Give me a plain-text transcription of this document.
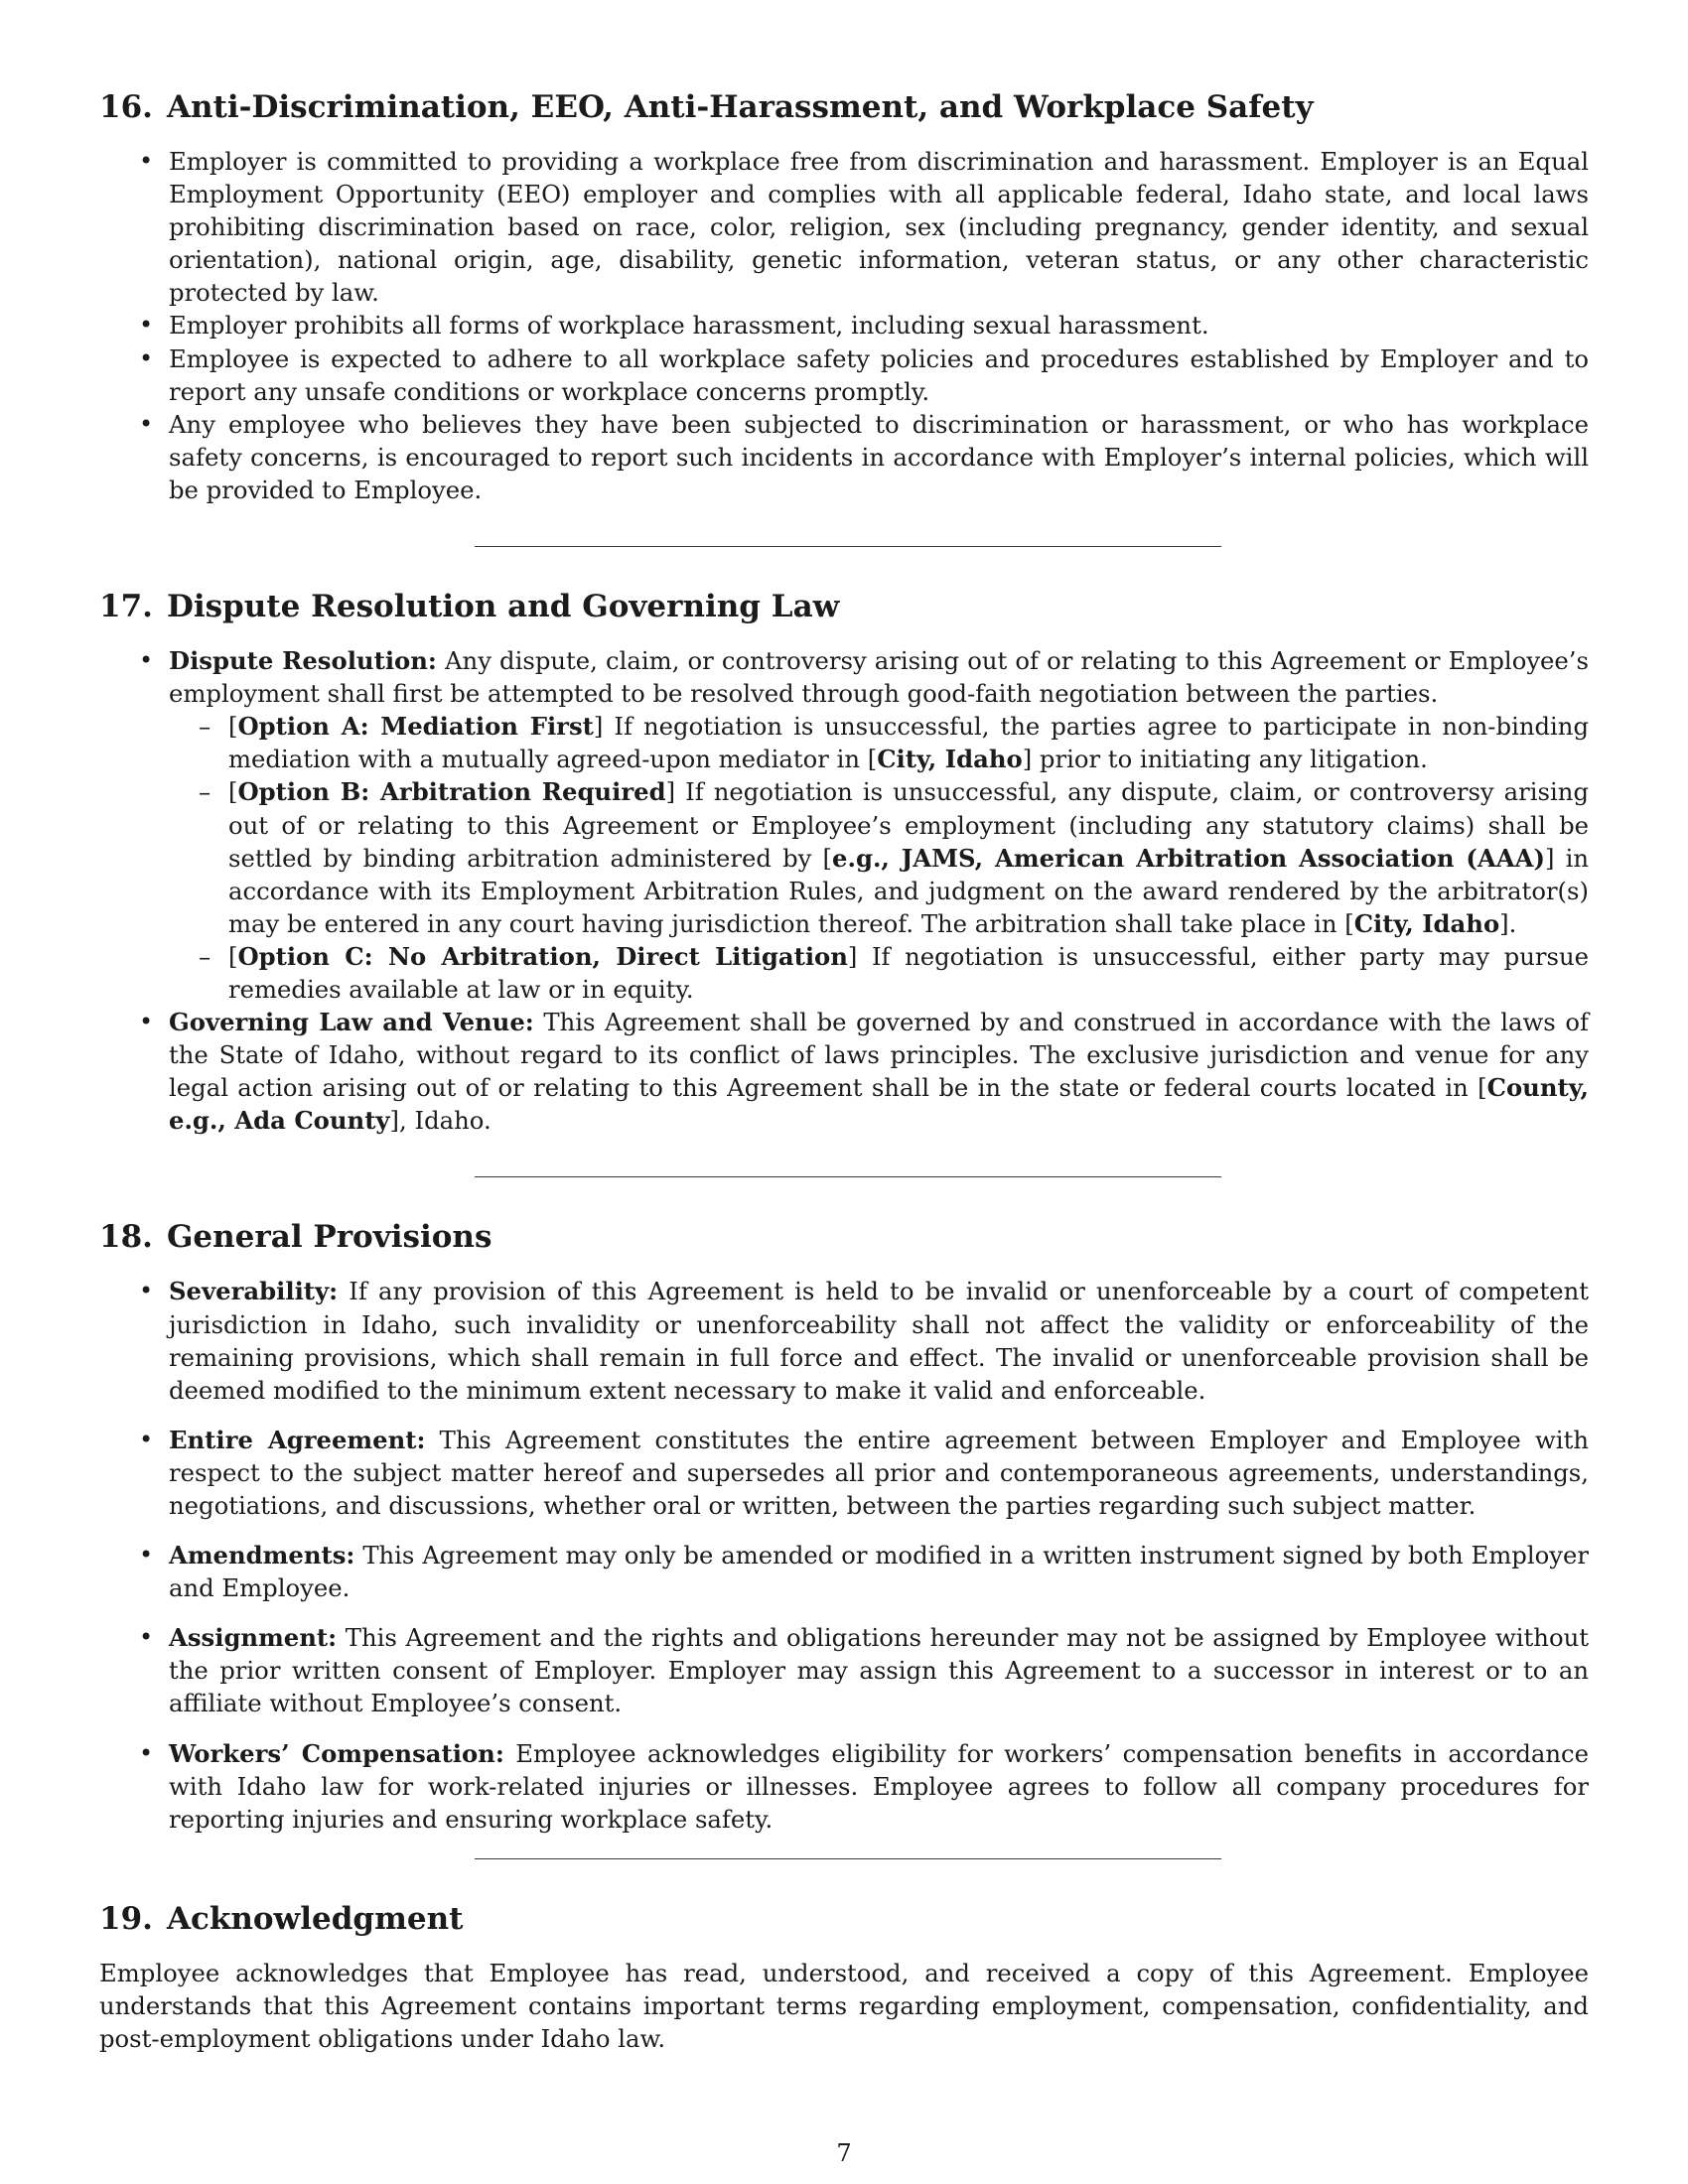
16. Anti-Discrimination, EEO, Anti-Harassment, and Workplace Safety
• Employer is committed to providing a workplace free from discrimination and harassment. Employer is an Equal Employment Opportunity (EEO) employer and complies with all applicable federal, Idaho state, and local laws prohibiting discrimination based on race, color, religion, sex (including pregnancy, gender identity, and sexual orientation), national origin, age, disability, genetic information, veteran status, or any other characteristic protected by law.
• Employer prohibits all forms of workplace harassment, including sexual harassment.
• Employee is expected to adhere to all workplace safety policies and procedures established by Employer and to report any unsafe conditions or workplace concerns promptly.
• Any employee who believes they have been subjected to discrimination or harassment, or who has workplace safety concerns, is encouraged to report such incidents in accordance with Employer’s internal policies, which will be provided to Employee.
17. Dispute Resolution and Governing Law
• Dispute Resolution: Any dispute, claim, or controversy arising out of or relating to this Agreement or Employee’s employment shall first be attempted to be resolved through good-faith negotiation between the parties.
– [Option A: Mediation First] If negotiation is unsuccessful, the parties agree to participate in non-binding mediation with a mutually agreed-upon mediator in [City, Idaho] prior to initiating any litigation.
– [Option B: Arbitration Required] If negotiation is unsuccessful, any dispute, claim, or controversy arising out of or relating to this Agreement or Employee’s employment (including any statutory claims) shall be settled by binding arbitration administered by [e.g., JAMS, American Arbitration Association (AAA)] in accordance with its Employment Arbitration Rules, and judgment on the award rendered by the arbitrator(s) may be entered in any court having jurisdiction thereof. The arbitration shall take place in [City, Idaho].
– [Option C: No Arbitration, Direct Litigation] If negotiation is unsuccessful, either party may pursue remedies available at law or in equity.
• Governing Law and Venue: This Agreement shall be governed by and construed in accordance with the laws of the State of Idaho, without regard to its conflict of laws principles. The exclusive jurisdiction and venue for any legal action arising out of or relating to this Agreement shall be in the state or federal courts located in [County, e.g., Ada County], Idaho.
18. General Provisions
• Severability: If any provision of this Agreement is held to be invalid or unenforceable by a court of competent jurisdiction in Idaho, such invalidity or unenforceability shall not affect the validity or enforceability of the remaining provisions, which shall remain in full force and effect. The invalid or unenforceable provision shall be deemed modified to the minimum extent necessary to make it valid and enforceable.
• Entire Agreement: This Agreement constitutes the entire agreement between Employer and Employee with respect to the subject matter hereof and supersedes all prior and contemporaneous agreements, understandings, negotiations, and discussions, whether oral or written, between the parties regarding such subject matter.
• Amendments: This Agreement may only be amended or modified in a written instrument signed by both Employer and Employee.
• Assignment: This Agreement and the rights and obligations hereunder may not be assigned by Employee without the prior written consent of Employer. Employer may assign this Agreement to a successor in interest or to an affiliate without Employee’s consent.
• Workers’ Compensation: Employee acknowledges eligibility for workers’ compensation benefits in accordance with Idaho law for work-related injuries or illnesses. Employee agrees to follow all company procedures for reporting injuries and ensuring workplace safety.
19. Acknowledgment

Employee acknowledges that Employee has read, understood, and received a copy of this Agreement. Employee understands that this Agreement contains important terms regarding employment, compensation, confidentiality, and post-employment obligations under Idaho law.

7
